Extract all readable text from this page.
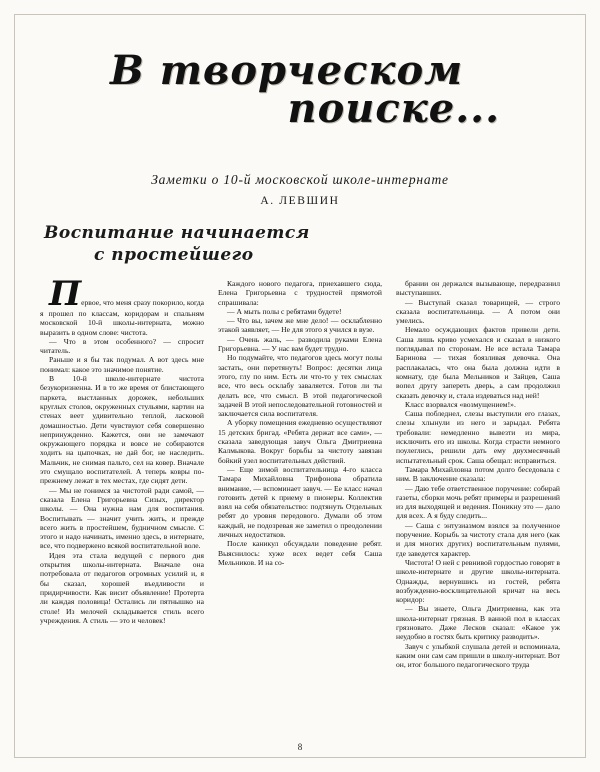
В творческом
поиске...
Заметки о 10-й московской школе-интернате
А. ЛЕВШИН
Воспитание начинается
с простейшего

Первое, что меня сразу покорило, когда я прошел по классам, коридорам и спальням московской 10-й школы-интерната, можно выразить в одном слове: чистота.

— Что в этом особенного? — спросит читатель.

Раньше и я бы так подумал. А вот здесь мне понимал: какое это значимое понятие.

В 10-й школе-интернате чистота безукоризненна. И в то же время от блистающего паркета, выстланных дорожек, небольших круглых столов, окруженных стульями, картин на стенах веет удивительно теплой, ласковой домашностью. Дети чувствуют себя совершенно непринужденно. Кажется, они не замечают окружающего порядка и вовсе не собираются ходить на цыпочках, не дай бог, не наследить. Мальчик, не снимая пальто, сел на ковер. Вначале это смущало воспитателей. А теперь ковры по-прежнему лежат в тех местах, где сидят дети.

— Мы не гонимся за чистотой ради самой, — сказала Елена Григорьевна Сизых, директор школы. — Она нужна нам для воспитания. Воспитывать — значит учить жить, и прежде всего жить в простейшем, будничном смысле. С этого и надо начинать, именно здесь, в интернате, все, что подвержено всякой воспитательной воле.

Идея эта стала ведущей с первого дня открытия школы-интерната. Вначале она потребовала от педагогов огромных усилий и, я бы сказал, хорошей въедливости и придирчивости. Как висит объявление! Протерта ли каждая половица! Остались ли пятнышко на столе! Из мелочей складывается стиль всего учреждения. А стиль — это и человек!

Каждого нового педагога, приехавшего сюда, Елена Григорьевна с трудностей прямотой спрашивала:

— А мыть полы с ребятами будете!

— Что вы, зачем же мне дело! — осклабленно этакой заявляет, — Не для этого я учился в вузе.

— Очень жаль, — разводила руками Елена Григорьевна. — У нас вам будет трудно.

Но подумайте, что педагогов здесь могут полы застать, они перетянуть! Вопрос: десятки лица этого, глу по ним. Есть ли что-то у тех смыслах все, что весь осклабу заваляется. Готов ли ты делать все, что смысл. В этой педагогической задачей В этой непоследовательной готовностей и заключается сила воспитателя.

А уборку помещения ежедневно осуществляют 15 детских бригад. «Ребята держат все сами», — сказала заведующая завуч Ольга Дмитриевна Калмыкова. Вокруг борьбы за чистоту завязан бойкий узел воспитательных действий.

— Еще зимой воспитательница 4-го класса Тамара Михайловна Трифонова обратила внимание, — вспоминает завуч. — Ее класс начал готовить детей к приему в пионеры. Коллектив взял на себя обязательство: подтянуть Отдельных ребят до уровня передового. Думали об этом каждый, не подозревая же заметил о преодолении личных недостатков.

После каникул обсуждали поведение ребят. Выяснилось: хуже всех ведет себя Саша Мельников. И на со-

брании он держался вызывающе, передразнил выступавших.

— Выступай сказал товарищей, — строго сказала воспитательница. — А потом они умелись.

Немало осуждающих фактов привели дети. Саша лишь криво усмехался и сказал в низкого поглядывал по сторонам. Не все встала Тамара Баринова — тихая боязливая девочка. Она расплакалась, что она была должна идти в комнату, где была Мельников и Зайцев, Саша вопел другу запереть дверь, а сам продолжил сказать девочку и, стала издеваться над ней!

Класс взорвался «возмущением!».

Саша побледнел, слезы выступили его глазах, слезы хлынули из него и зарыдал. Ребята требовали: немедленно вывезти из мира, исключить его из школы. Когда страсти немного поулеглись, решили дать ему двухмесячный испытательный срок. Саша обещал: исправиться.

Тамара Михайловна потом долго беседовала с ним. В заключение сказала:

— Даю тебе ответственное поручение: собирай газеты, сборки мочь ребят примеры и разрешений из для выходящей и ведения. Поникну это — дало для всех. А я буду следить...

— Саша с энтузиазмом взялся за полученное поручение. Корыбь за чистоту стала для него (как и для многих других) воспитательным пулями, где заведется характер.

Чистота! О ней с ревнивой гордостью говорят в школе-интернате и другие школы-интерната. Однажды, вернувшись из гостей, ребята возбужденно-восклицательной кричат на весь коридор:

— Вы знаете, Ольга Дмитриевна, как эта школа-интернат грязная. В ванной пол в классах грязновато. Даже Лесков сказал: «Какое уж неудобно в гостях быть критику разводить».

Завуч с улыбкой слушала детей и вспоминала, каким они сам сам пришли в школу-интернат. Вот он, итог большого педагогического труда

8
